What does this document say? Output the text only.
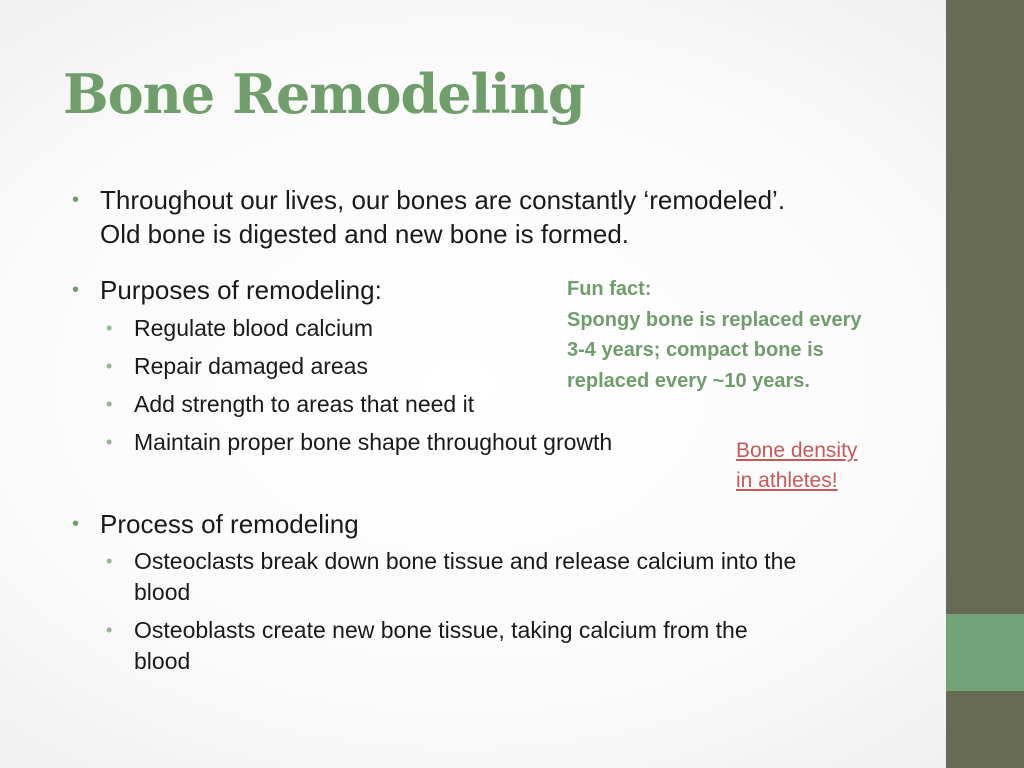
Bone Remodeling
• Throughout our lives, our bones are constantly ‘remodeled’.
Old bone is digested and new bone is formed.
• Purposes of remodeling:
• Regulate blood calcium
• Repair damaged areas
• Add strength to areas that need it
• Maintain proper bone shape throughout growth
Fun fact:
Spongy bone is replaced every
3-4 years; compact bone is
replaced every ~10 years.
Bone density
in athletes!
• Process of remodeling
• Osteoclasts break down bone tissue and release calcium into the
blood
• Osteoblasts create new bone tissue, taking calcium from the
blood
